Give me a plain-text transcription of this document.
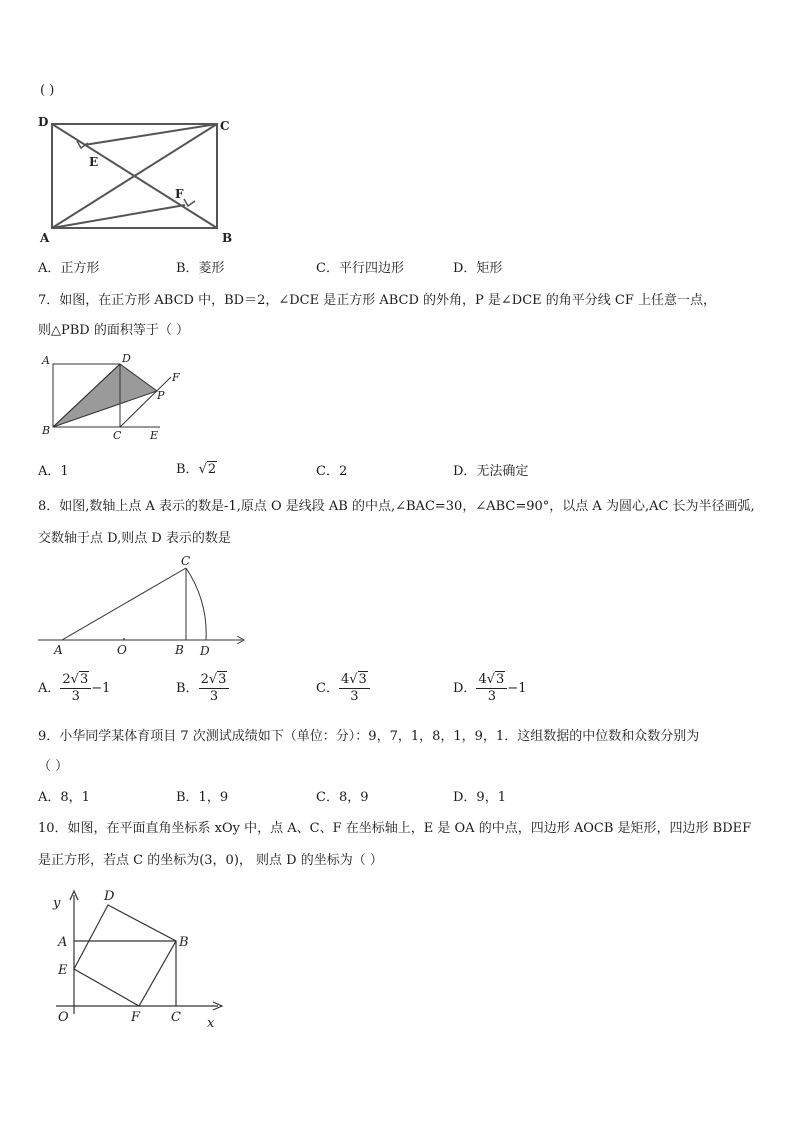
( )
D	C
E
F
A	B
A．正方形	B．菱形	C．平行四边形	D．矩形
7．如图，在正方形 ABCD 中，BD＝2，∠DCE 是正方形 ABCD 的外角，P 是∠DCE 的角平分线 CF 上任意一点，
则△PBD 的面积等于（ ）
A	D
F
P
B	C	E
A．1	B．√2	C．2	D．无法确定
8．如图,数轴上点 A 表示的数是-1,原点 O 是线段 AB 的中点,∠BAC=30，∠ABC=90°，以点 A 为圆心,AC 长为半径画弧,
交数轴于点 D,则点 D 表示的数是
C
A	O	B D
A． $\frac{2√3}{3} -1$	B． $\frac{2√3}{3}$	C． $\frac{4√3}{3}$	D． $\frac{4√3}{3} -1$
9．小华同学某体育项目 7 次测试成绩如下（单位：分）：9，7，1，8，1，9，1．这组数据的中位数和众数分别为
（ ）
A．8，1	B．1，9	C．8，9	D．9，1
10．如图，在平面直角坐标系 xOy 中，点 A、C、F 在坐标轴上，E 是 OA 的中点，四边形 AOCB 是矩形，四边形 BDEF
是正方形，若点 C 的坐标为(3，0)， 则点 D 的坐标为（ ）
y	D
A	B
E
O	F C x
